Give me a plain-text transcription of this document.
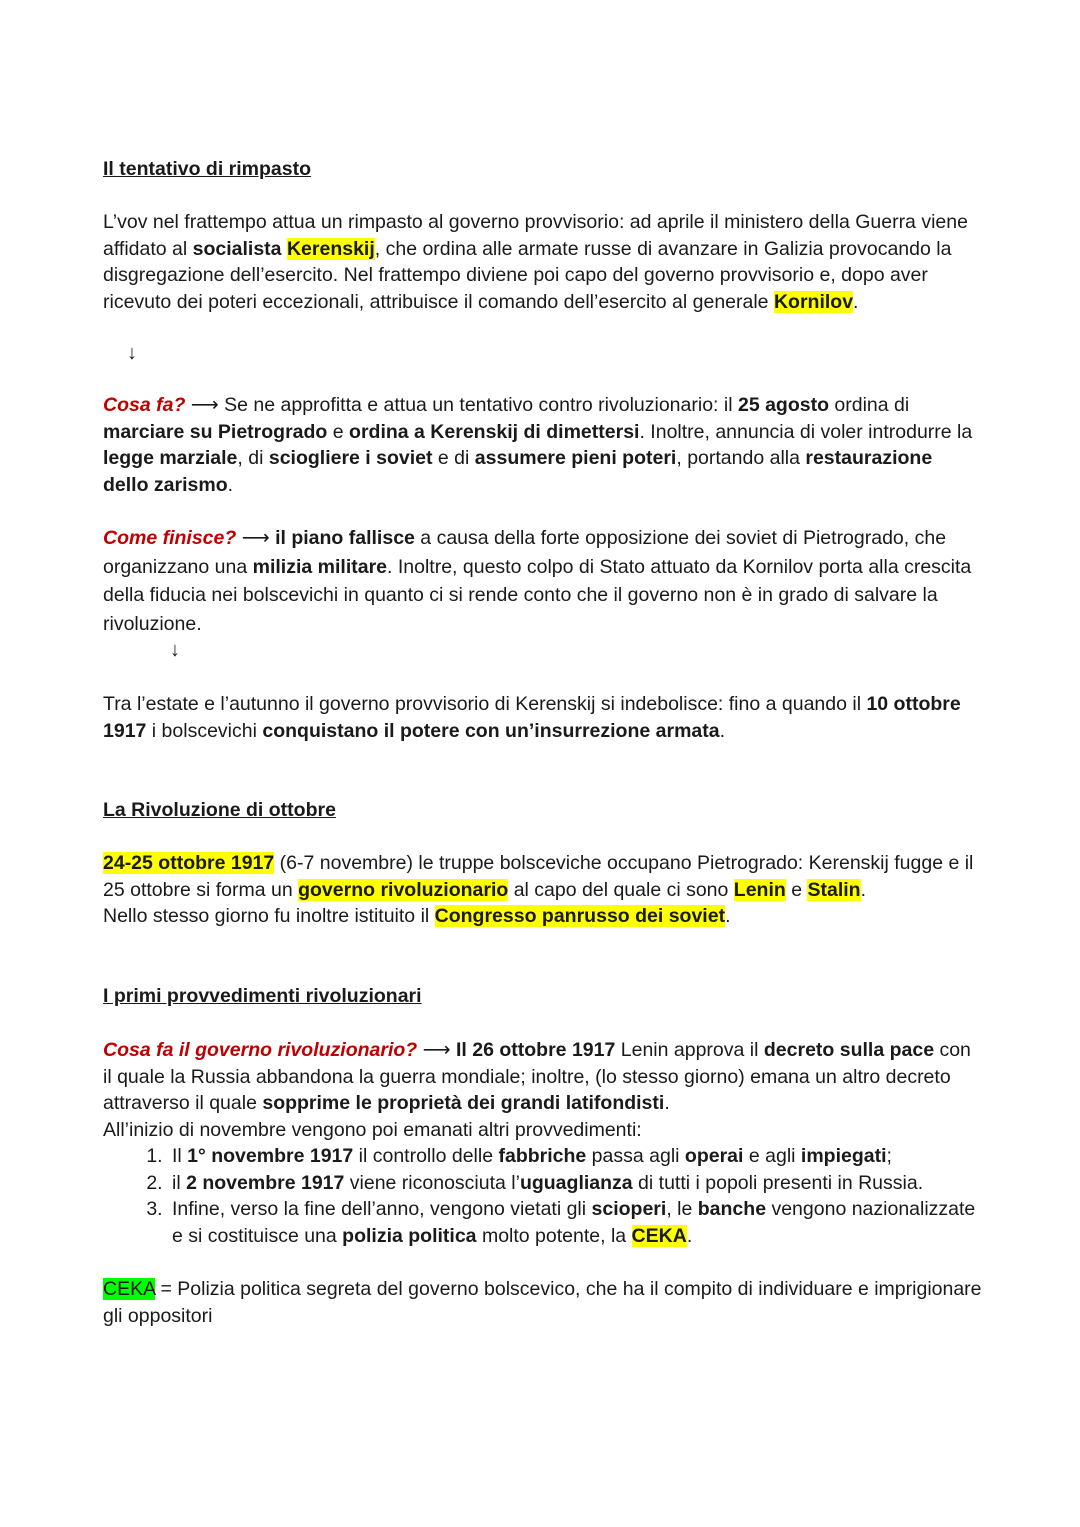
Il tentativo di rimpasto

L’vov nel frattempo attua un rimpasto al governo provvisorio: ad aprile il ministero della Guerra viene affidato al socialista Kerenskij, che ordina alle armate russe di avanzare in Galizia provocando la disgregazione dell’esercito. Nel frattempo diviene poi capo del governo provvisorio e, dopo aver ricevuto dei poteri eccezionali, attribuisce il comando dell’esercito al generale Kornilov.

↓

Cosa fa? ⟶ Se ne approfitta e attua un tentativo contro rivoluzionario: il 25 agosto ordina di marciare su Pietrogrado e ordina a Kerenskij di dimettersi. Inoltre, annuncia di voler introdurre la legge marziale, di sciogliere i soviet e di assumere pieni poteri, portando alla restaurazione dello zarismo.

Come finisce? ⟶ il piano fallisce a causa della forte opposizione dei soviet di Pietrogrado, che organizzano una milizia militare. Inoltre, questo colpo di Stato attuato da Kornilov porta alla crescita della fiducia nei bolscevichi in quanto ci si rende conto che il governo non è in grado di salvare la rivoluzione.

↓

Tra l’estate e l’autunno il governo provvisorio di Kerenskij si indebolisce: fino a quando il 10 ottobre 1917 i bolscevichi conquistano il potere con un’insurrezione armata.

La Rivoluzione di ottobre

24-25 ottobre 1917 (6-7 novembre) le truppe bolsceviche occupano Pietrogrado: Kerenskij fugge e il 25 ottobre si forma un governo rivoluzionario al capo del quale ci sono Lenin e Stalin.

Nello stesso giorno fu inoltre istituito il Congresso panrusso dei soviet.

I primi provvedimenti rivoluzionari

Cosa fa il governo rivoluzionario? ⟶ Il 26 ottobre 1917 Lenin approva il decreto sulla pace con il quale la Russia abbandona la guerra mondiale; inoltre, (lo stesso giorno) emana un altro decreto attraverso il quale sopprime le proprietà dei grandi latifondisti.

All’inizio di novembre vengono poi emanati altri provvedimenti:

1. Il 1° novembre 1917 il controllo delle fabbriche passa agli operai e agli impiegati;
2. il 2 novembre 1917 viene riconosciuta l’uguaglianza di tutti i popoli presenti in Russia.
3. Infine, verso la fine dell’anno, vengono vietati gli scioperi, le banche vengono nazionalizzate e si costituisce una polizia politica molto potente, la CEKA.

CEKA = Polizia politica segreta del governo bolscevico, che ha il compito di individuare e imprigionare gli oppositori
